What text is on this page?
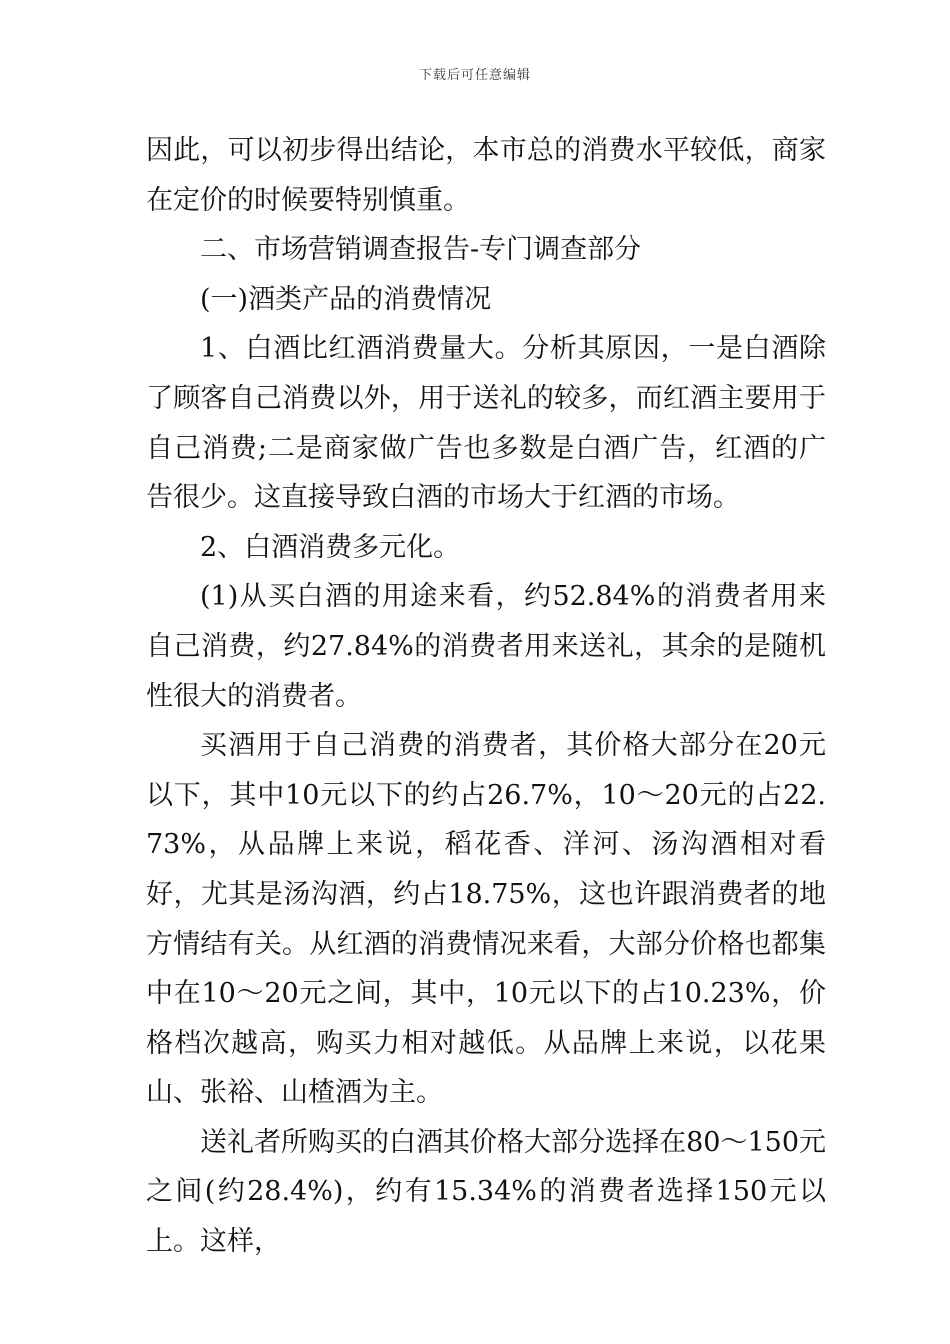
下载后可任意编辑

因此，可以初步得出结论，本市总的消费水平较低，商家在定价的时候要特别慎重。

二、市场营销调查报告-专门调查部分

(一)酒类产品的消费情况

1、白酒比红酒消费量大。分析其原因，一是白酒除了顾客自己消费以外，用于送礼的较多，而红酒主要用于自己消费;二是商家做广告也多数是白酒广告，红酒的广告很少。这直接导致白酒的市场大于红酒的市场。

2、白酒消费多元化。

(1)从买白酒的用途来看，约52.84%的消费者用来自己消费，约27.84%的消费者用来送礼，其余的是随机性很大的消费者。

买酒用于自己消费的消费者，其价格大部分在20元以下，其中10元以下的约占26.7%，10～20元的占22.73%，从品牌上来说，稻花香、洋河、汤沟酒相对看好，尤其是汤沟酒，约占18.75%，这也许跟消费者的地方情结有关。从红酒的消费情况来看，大部分价格也都集中在10～20元之间，其中，10元以下的占10.23%，价格档次越高，购买力相对越低。从品牌上来说，以花果山、张裕、山楂酒为主。

送礼者所购买的白酒其价格大部分选择在80～150元之间(约28.4%)，约有15.34%的消费者选择150元以上。这样，
